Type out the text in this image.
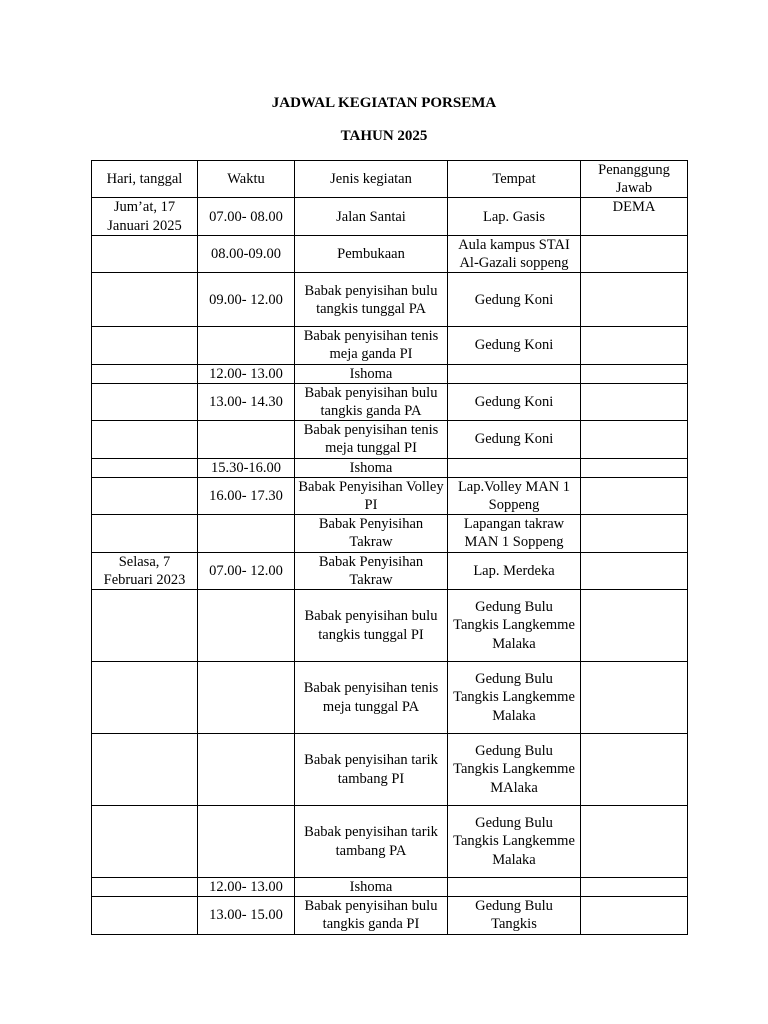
JADWAL KEGIATAN PORSEMA
TAHUN 2025
Hari, tanggal	Waktu	Jenis kegiatan	Tempat	Penanggung Jawab
Jum’at, 17 Januari 2025	07.00- 08.00	Jalan Santai	Lap. Gasis	DEMA
	08.00-09.00	Pembukaan	Aula kampus STAI Al-Gazali soppeng	
	09.00- 12.00	Babak penyisihan bulu tangkis tunggal PA	Gedung Koni	
		Babak penyisihan tenis meja ganda PI	Gedung Koni	
	12.00- 13.00	Ishoma		
	13.00- 14.30	Babak penyisihan bulu tangkis ganda PA	Gedung Koni	
		Babak penyisihan tenis meja tunggal PI	Gedung Koni	
	15.30-16.00	Ishoma		
	16.00- 17.30	Babak Penyisihan Volley PI	Lap.Volley MAN 1 Soppeng	
		Babak Penyisihan Takraw	Lapangan takraw MAN 1 Soppeng	
Selasa, 7 Februari 2023	07.00- 12.00	Babak Penyisihan Takraw	Lap. Merdeka	
		Babak penyisihan bulu tangkis tunggal PI	Gedung Bulu Tangkis Langkemme Malaka	
		Babak penyisihan tenis meja tunggal PA	Gedung Bulu Tangkis Langkemme Malaka	
		Babak penyisihan tarik tambang PI	Gedung Bulu Tangkis Langkemme MAlaka	
		Babak penyisihan tarik tambang PA	Gedung Bulu Tangkis Langkemme Malaka	
	12.00- 13.00	Ishoma		
	13.00- 15.00	Babak penyisihan bulu tangkis ganda PI	Gedung Bulu Tangkis	
